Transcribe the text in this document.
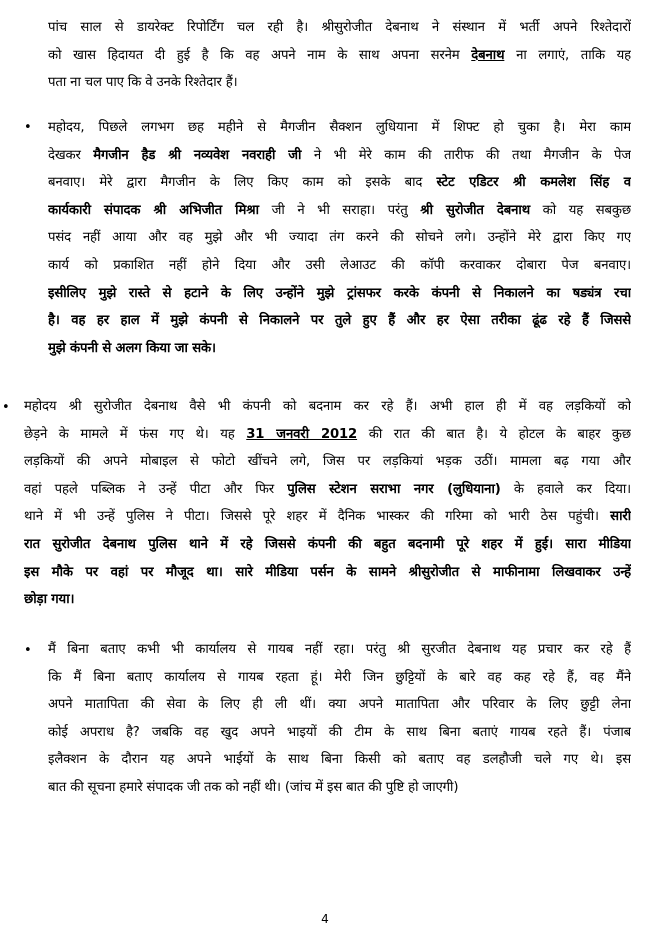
पांच साल से डायरेक्ट रिपोर्टिंग चल रही है। श्रीसुरोजीत देबनाथ ने संस्थान में भर्ती अपने रिश्तेदारों
को खास हिदायत दी हुई है कि वह अपने नाम के साथ अपना सरनेम देबनाथ ना लगाएं, ताकि यह
पता ना चल पाए कि वे उनके रिश्तेदार हैं।
• महोदय, पिछले लगभग छह महीने से मैगजीन सैक्शन लुधियाना में शिफ्ट हो चुका है। मेरा काम
देखकर मैगजीन हैड श्री नव्यवेश नवराही जी ने भी मेरे काम की तारीफ की तथा मैगजीन के पेज
बनवाए। मेरे द्वारा मैगजीन के लिए किए काम को इसके बाद स्टेट एडिटर श्री कमलेश सिंह व
कार्यकारी संपादक श्री अभिजीत मिश्रा जी ने भी सराहा। परंतु श्री सुरोजीत देबनाथ को यह सबकुछ
पसंद नहीं आया और वह मुझे और भी ज्यादा तंग करने की सोचने लगे। उन्होंने मेरे द्वारा किए गए
कार्य को प्रकाशित नहीं होने दिया और उसी लेआउट की कॉपी करवाकर दोबारा पेज बनवाए।
इसीलिए मुझे रास्ते से हटाने के लिए उन्होंने मुझे ट्रांसफर करके कंपनी से निकालने का षड्यंत्र रचा
है। वह हर हाल में मुझे कंपनी से निकालने पर तुले हुए हैं और हर ऐसा तरीका ढूंढ रहे हैं जिससे
मुझे कंपनी से अलग किया जा सके।
• महोदय श्री सुरोजीत देबनाथ वैसे भी कंपनी को बदनाम कर रहे हैं। अभी हाल ही में वह लड़कियों को
छेड़ने के मामले में फंस गए थे। यह 31 जनवरी 2012 की रात की बात है। ये होटल के बाहर कुछ
लड़कियों की अपने मोबाइल से फोटो खींचने लगे, जिस पर लड़कियां भड़क उठीं। मामला बढ़ गया और
वहां पहले पब्लिक ने उन्हें पीटा और फिर पुलिस स्टेशन सराभा नगर (लुधियाना) के हवाले कर दिया।
थाने में भी उन्हें पुलिस ने पीटा। जिससे पूरे शहर में दैनिक भास्कर की गरिमा को भारी ठेस पहुंची। सारी
रात सुरोजीत देबनाथ पुलिस थाने में रहे जिससे कंपनी की बहुत बदनामी पूरे शहर में हुई। सारा मीडिया
इस मौके पर वहां पर मौजूद था। सारे मीडिया पर्सन के सामने श्रीसुरोजीत से माफीनामा लिखवाकर उन्हें
छोड़ा गया।
• मैं बिना बताए कभी भी कार्यालय से गायब नहीं रहा। परंतु श्री सुरजीत देबनाथ यह प्रचार कर रहे हैं
कि मैं बिना बताए कार्यालय से गायब रहता हूं। मेरी जिन छुट्टियों के बारे वह कह रहे हैं, वह मैंने
अपने मातापिता की सेवा के लिए ही ली थीं। क्या अपने मातापिता और परिवार के लिए छुट्टी लेना
कोई अपराध है? जबकि वह खुद अपने भाइयों की टीम के साथ बिना बताएं गायब रहते हैं। पंजाब
इलैक्शन के दौरान यह अपने भाईयों के साथ बिना किसी को बताए वह डलहौजी चले गए थे। इस
बात की सूचना हमारे संपादक जी तक को नहीं थी। (जांच में इस बात की पुष्टि हो जाएगी)
4
